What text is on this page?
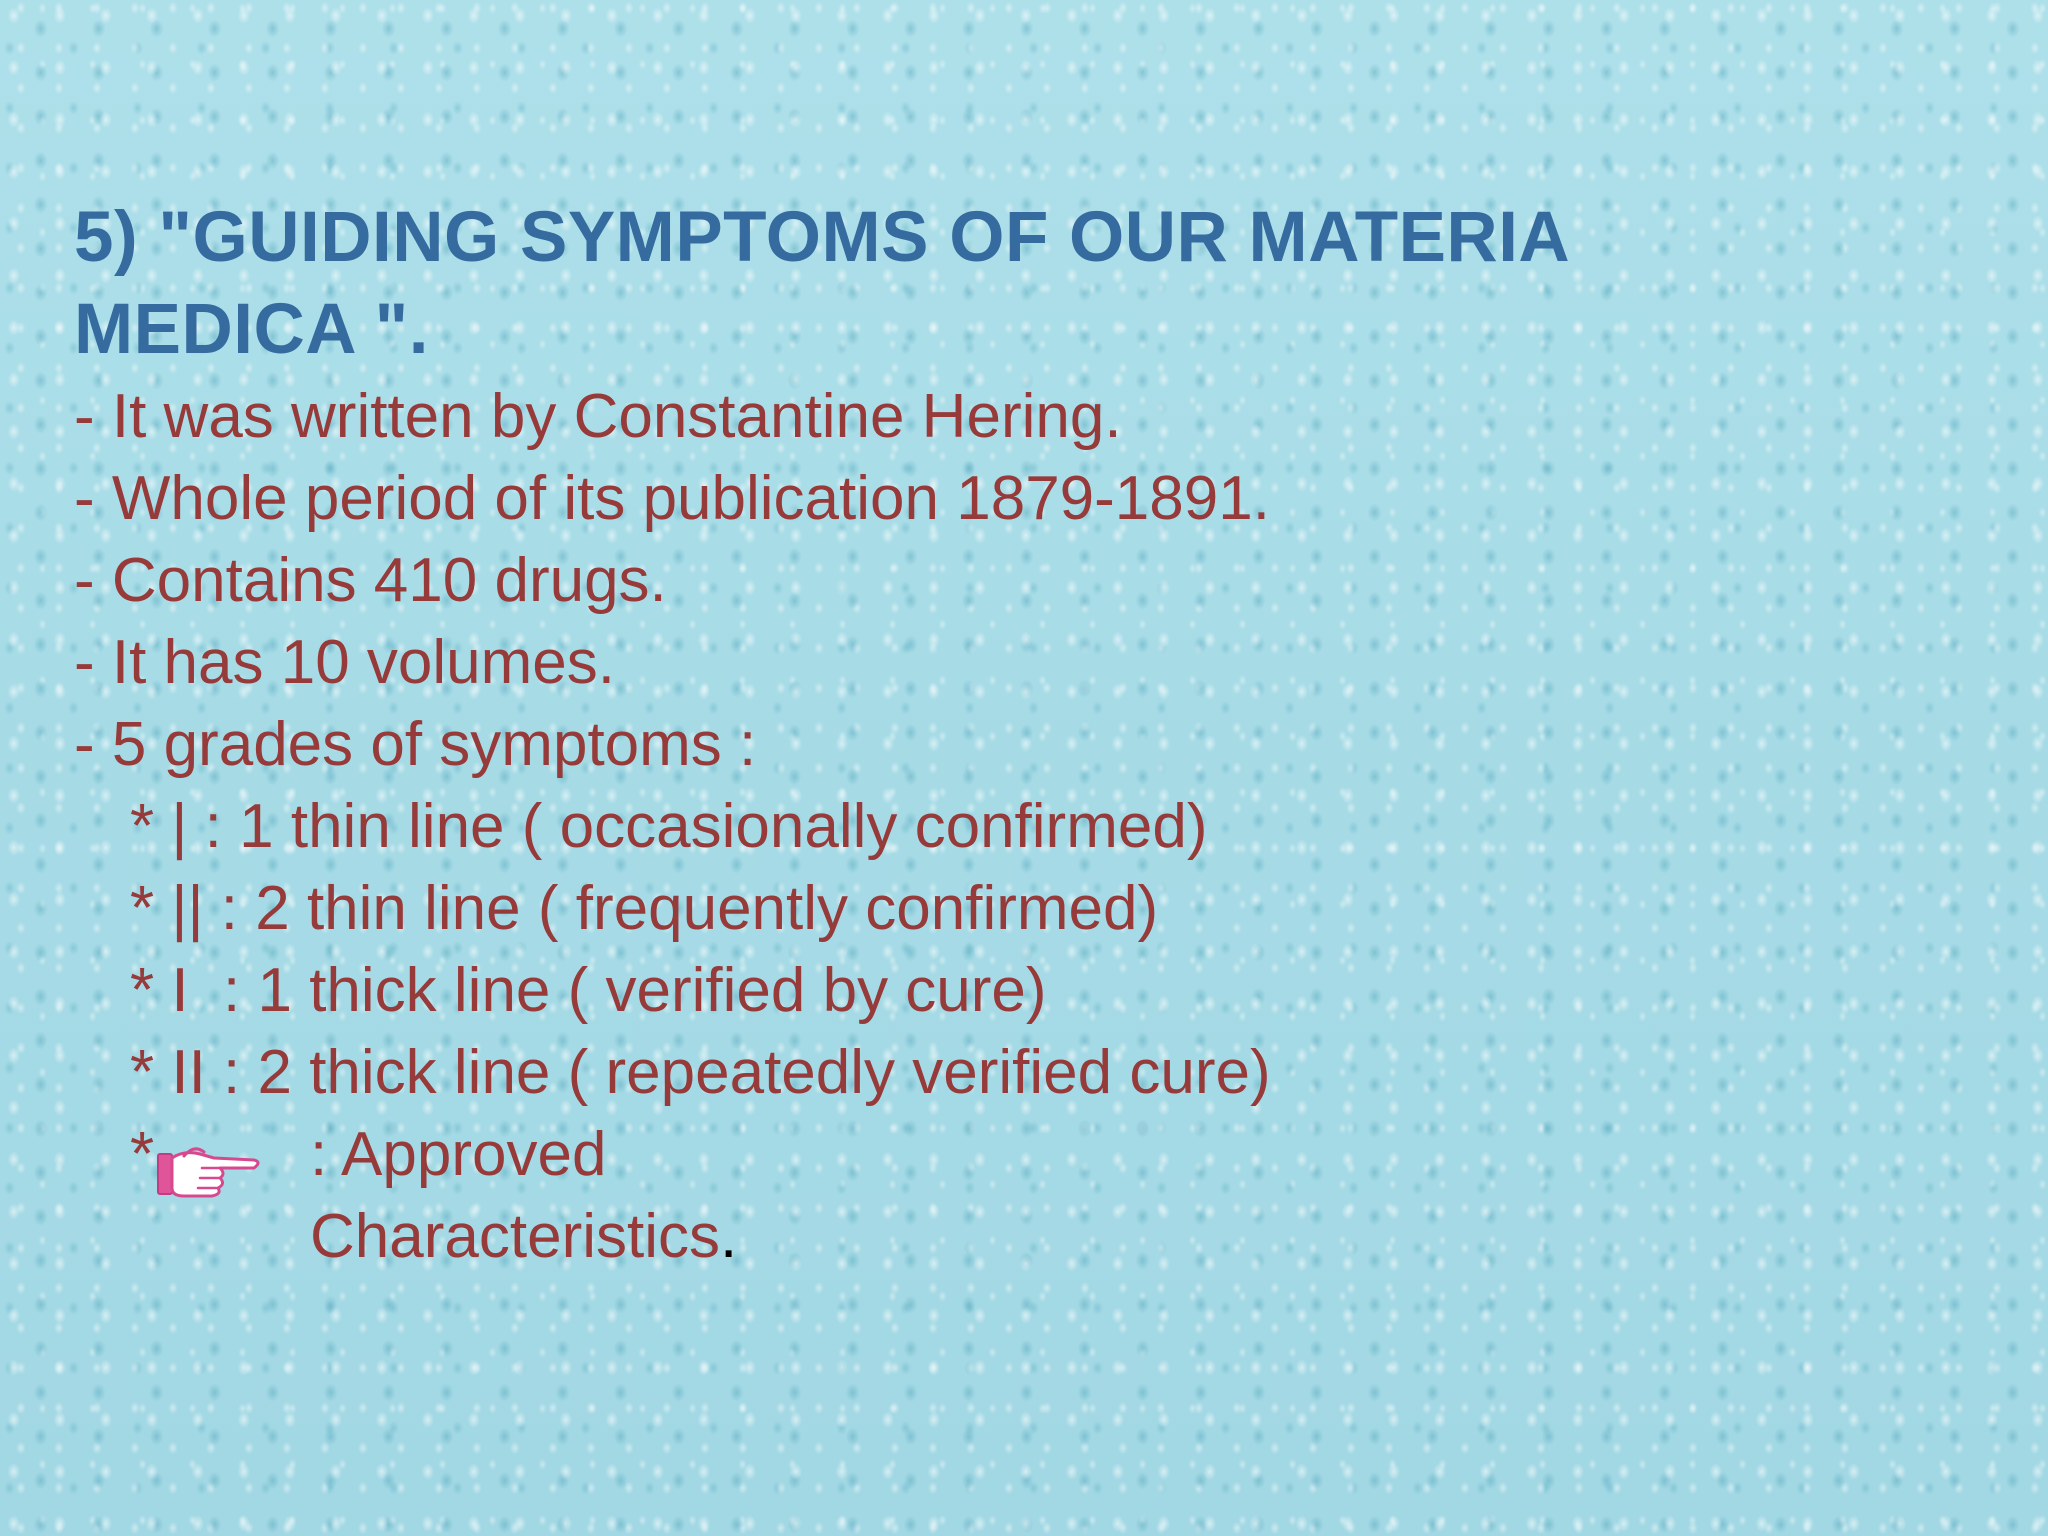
5) "GUIDING SYMPTOMS OF OUR MATERIA
MEDICA ".
- It was written by Constantine Hering.
- Whole period of its publication 1879-1891.
- Contains 410 drugs.
- It has 10 volumes.
- 5 grades of symptoms :
* | : 1 thin line ( occasionally confirmed)
* || : 2 thin line ( frequently confirmed)
* I  : 1 thick line ( verified by cure)
* II : 2 thick line ( repeatedly verified cure)
*	: Approved
Characteristics.
